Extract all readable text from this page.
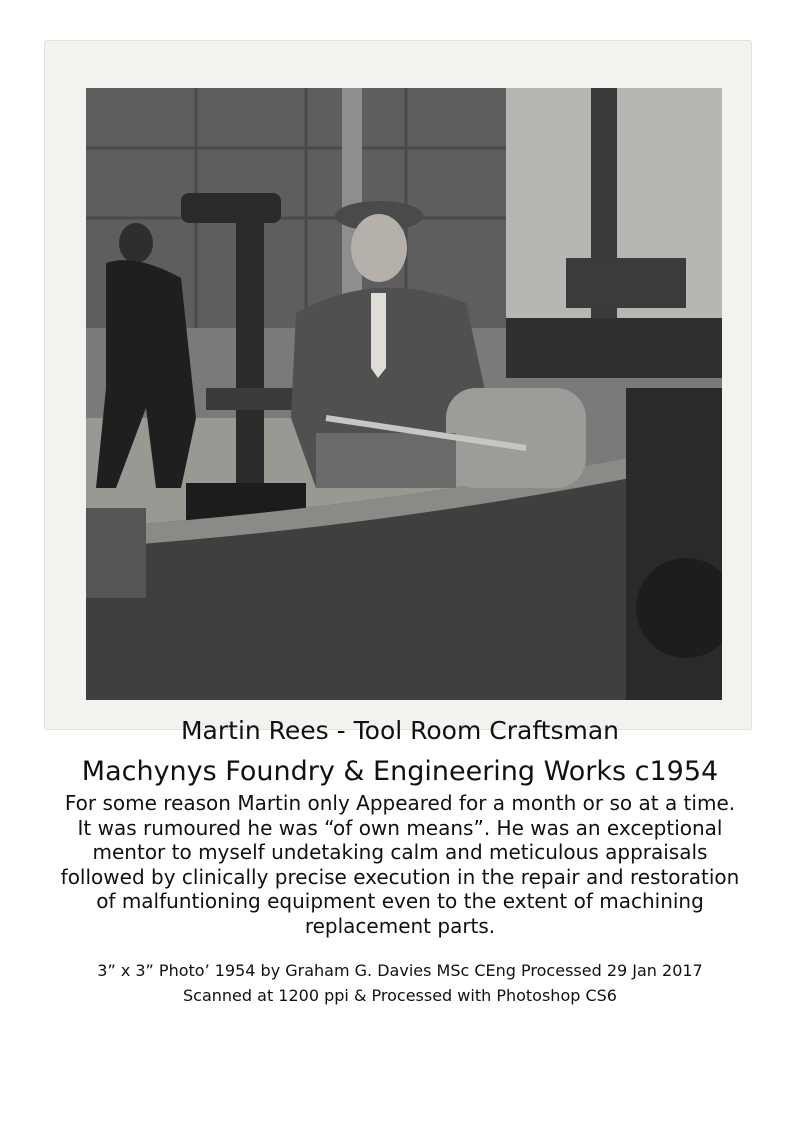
Martin Rees - Tool Room Craftsman
Machynys Foundry & Engineering Works c1954
For some reason Martin only Appeared for a month or so at a time.
It was rumoured he was “of own means”. He was an exceptional
mentor to myself undetaking calm and meticulous appraisals
followed by clinically precise execution in the repair and restoration
of malfuntioning equipment even to the extent of machining
replacement parts.
3” x 3” Photo’ 1954 by Graham G. Davies MSc CEng Processed 29 Jan 2017
Scanned at 1200 ppi & Processed with Photoshop CS6
